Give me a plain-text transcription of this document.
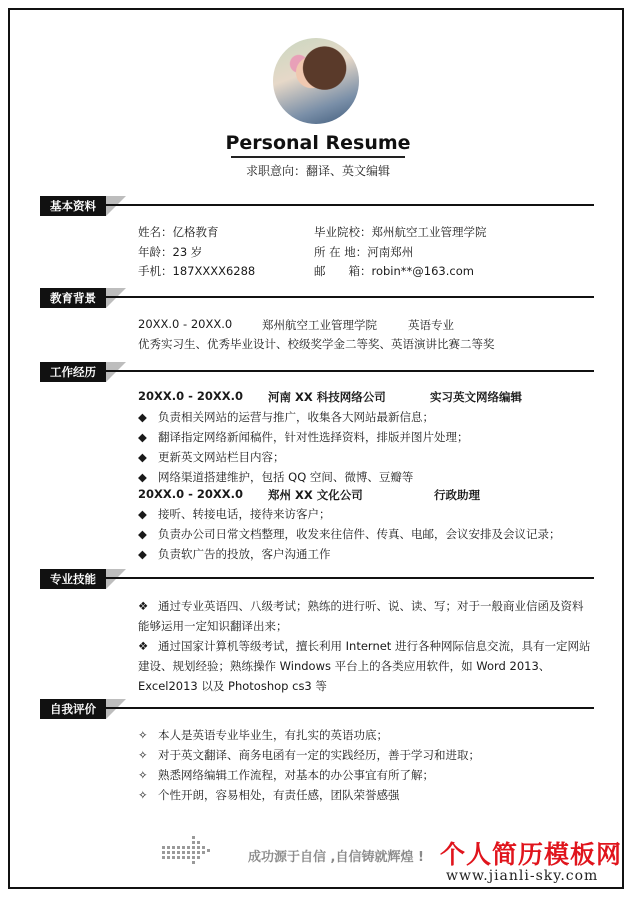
Personal Resume
求职意向：翻译、英文编辑
基本资料
姓名：亿格教育	毕业院校：郑州航空工业管理学院
年龄：23 岁	所 在 地：河南郑州
手机：187XXXX6288	邮　　箱：robin**@163.com
教育背景
20XX.0 - 20XX.0	郑州航空工业管理学院	英语专业
优秀实习生、优秀毕业设计、校级奖学金二等奖、英语演讲比赛二等奖
工作经历
20XX.0 - 20XX.0 河南 XX 科技网络公司	实习英文网络编辑
◆ 负责相关网站的运营与推广，收集各大网站最新信息；
◆ 翻译指定网络新闻稿件，针对性选择资料，排版并图片处理；
◆ 更新英文网站栏目内容；
◆ 网络渠道搭建维护，包括 QQ 空间、微博、豆瓣等
20XX.0 - 20XX.0 郑州 XX 文化公司	行政助理
◆ 接听、转接电话，接待来访客户；
◆ 负责办公司日常文档整理，收发来往信件、传真、电邮，会议安排及会议记录；
◆ 负责软广告的投放，客户沟通工作
专业技能
❖ 通过专业英语四、八级考试；熟练的进行听、说、读、写；对于一般商业信函及资料能够运用一定知识翻译出来；
❖ 通过国家计算机等级考试，擅长利用 Internet 进行各种网际信息交流，具有一定网站建设、规划经验；熟练操作 Windows 平台上的各类应用软件，如 Word 2013、Excel2013 以及 Photoshop cs3 等
自我评价
✧ 本人是英语专业毕业生，有扎实的英语功底；
✧ 对于英文翻译、商务电函有一定的实践经历，善于学习和进取；
✧ 熟悉网络编辑工作流程，对基本的办公事宜有所了解；
✧ 个性开朗，容易相处，有责任感，团队荣誉感强
成功源于自信 ,自信铸就辉煌 ! 个人简历模板网
www.jianli-sky.com
